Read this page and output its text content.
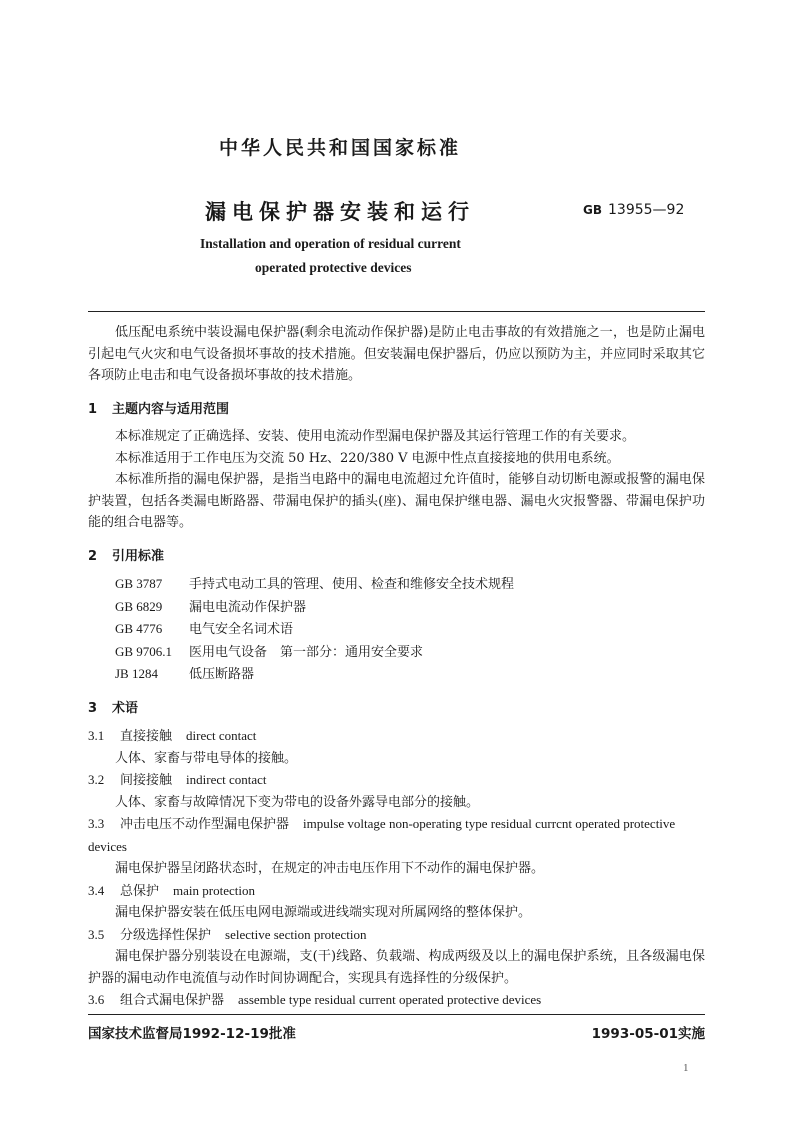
中华人民共和国国家标准
漏电保护器安装和运行	GB 13955—92
Installation and operation of residual current
operated protective devices

低压配电系统中装设漏电保护器(剩余电流动作保护器)是防止电击事故的有效措施之一，也是防止漏电引起电气火灾和电气设备损坏事故的技术措施。但安装漏电保护器后，仍应以预防为主，并应同时采取其它各项防止电击和电气设备损坏事故的技术措施。

1 主题内容与适用范围

本标准规定了正确选择、安装、使用电流动作型漏电保护器及其运行管理工作的有关要求。

本标准适用于工作电压为交流 50 Hz、220/380 V 电源中性点直接接地的供用电系统。

本标准所指的漏电保护器，是指当电路中的漏电电流超过允许值时，能够自动切断电源或报警的漏电保护装置，包括各类漏电断路器、带漏电保护的插头(座)、漏电保护继电器、漏电火灾报警器、带漏电保护功能的组合电器等。

2 引用标准
GB 3787 手持式电动工具的管理、使用、检查和维修安全技术规程
GB 6829 漏电电流动作保护器
GB 4776 电气安全名词术语
GB 9706.1 医用电气设备　第一部分：通用安全要求
JB 1284 低压断路器
3 术语

3.1 直接接触 direct contact

人体、家畜与带电导体的接触。

3.2 间接接触 indirect contact

人体、家畜与故障情况下变为带电的设备外露导电部分的接触。

3.3 冲击电压不动作型漏电保护器 impulse voltage non-operating type residual currcnt operated protective devices

漏电保护器呈闭路状态时，在规定的冲击电压作用下不动作的漏电保护器。

3.4 总保护 main protection

漏电保护器安装在低压电网电源端或进线端实现对所属网络的整体保护。

3.5 分级选择性保护 selective section protection

漏电保护器分别装设在电源端，支(干)线路、负载端、构成两级及以上的漏电保护系统，且各级漏电保护器的漏电动作电流值与动作时间协调配合，实现具有选择性的分级保护。

3.6 组合式漏电保护器 assemble type residual current operated protective devices

国家技术监督局1992-12-19批准	1993-05-01实施
1
